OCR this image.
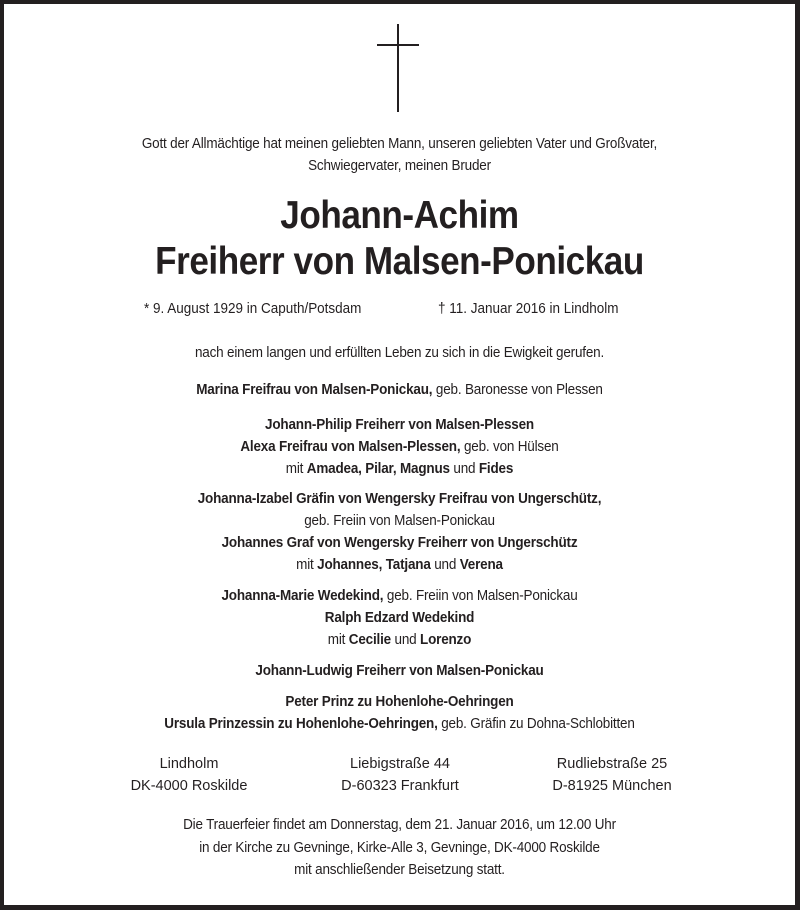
Gott der Allmächtige hat meinen geliebten Mann, unseren geliebten Vater und Großvater,
Schwiegervater, meinen Bruder
Johann-Achim
Freiherr von Malsen-Ponickau
* 9. August 1929 in Caputh/Potsdam	† 11. Januar 2016 in Lindholm
nach einem langen und erfüllten Leben zu sich in die Ewigkeit gerufen.
Marina Freifrau von Malsen-Ponickau, geb. Baronesse von Plessen
Johann-Philip Freiherr von Malsen-Plessen
Alexa Freifrau von Malsen-Plessen, geb. von Hülsen
mit Amadea, Pilar, Magnus und Fides
Johanna-Izabel Gräfin von Wengersky Freifrau von Ungerschütz,
geb. Freiin von Malsen-Ponickau
Johannes Graf von Wengersky Freiherr von Ungerschütz
mit Johannes, Tatjana und Verena
Johanna-Marie Wedekind, geb. Freiin von Malsen-Ponickau
Ralph Edzard Wedekind
mit Cecilie und Lorenzo
Johann-Ludwig Freiherr von Malsen-Ponickau
Peter Prinz zu Hohenlohe-Oehringen
Ursula Prinzessin zu Hohenlohe-Oehringen, geb. Gräfin zu Dohna-Schlobitten
Lindholm
DK-4000 Roskilde
Liebigstraße 44
D-60323 Frankfurt
Rudliebstraße 25
D-81925 München
Die Trauerfeier findet am Donnerstag, dem 21. Januar 2016, um 12.00 Uhr
in der Kirche zu Gevninge, Kirke-Alle 3, Gevninge, DK-4000 Roskilde
mit anschließender Beisetzung statt.
